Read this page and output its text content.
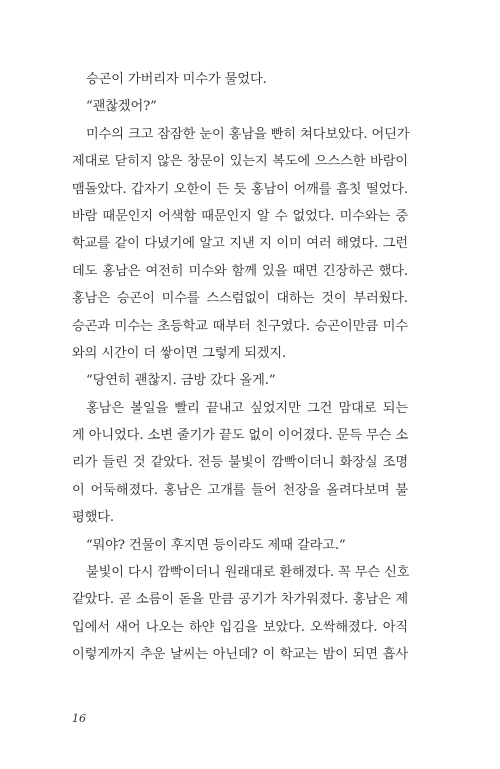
승곤이 가버리자 미수가 물었다.
“괜찮겠어?”
미수의 크고 잠잠한 눈이 홍남을 빤히 쳐다보았다. 어딘가
제대로 닫히지 않은 창문이 있는지 복도에 으스스한 바람이
맴돌았다. 갑자기 오한이 든 듯 홍남이 어깨를 흠칫 떨었다.
바람 때문인지 어색함 때문인지 알 수 없었다. 미수와는 중
학교를 같이 다녔기에 알고 지낸 지 이미 여러 해였다. 그런
데도 홍남은 여전히 미수와 함께 있을 때면 긴장하곤 했다.
홍남은 승곤이 미수를 스스럼없이 대하는 것이 부러웠다.
승곤과 미수는 초등학교 때부터 친구였다. 승곤이만큼 미수
와의 시간이 더 쌓이면 그렇게 되겠지.
“당연히 괜찮지. 금방 갔다 올게.”
홍남은 볼일을 빨리 끝내고 싶었지만 그건 맘대로 되는
게 아니었다. 소변 줄기가 끝도 없이 이어졌다. 문득 무슨 소
리가 들린 것 같았다. 전등 불빛이 깜빡이더니 화장실 조명
이 어둑해졌다. 홍남은 고개를 들어 천장을 올려다보며 불
평했다.
“뭐야? 건물이 후지면 등이라도 제때 갈라고.”
불빛이 다시 깜빡이더니 원래대로 환해졌다. 꼭 무슨 신호
같았다. 곧 소름이 돋을 만큼 공기가 차가워졌다. 홍남은 제
입에서 새어 나오는 하얀 입김을 보았다. 오싹해졌다. 아직
이렇게까지 추운 날씨는 아닌데? 이 학교는 밤이 되면 흡사
16
